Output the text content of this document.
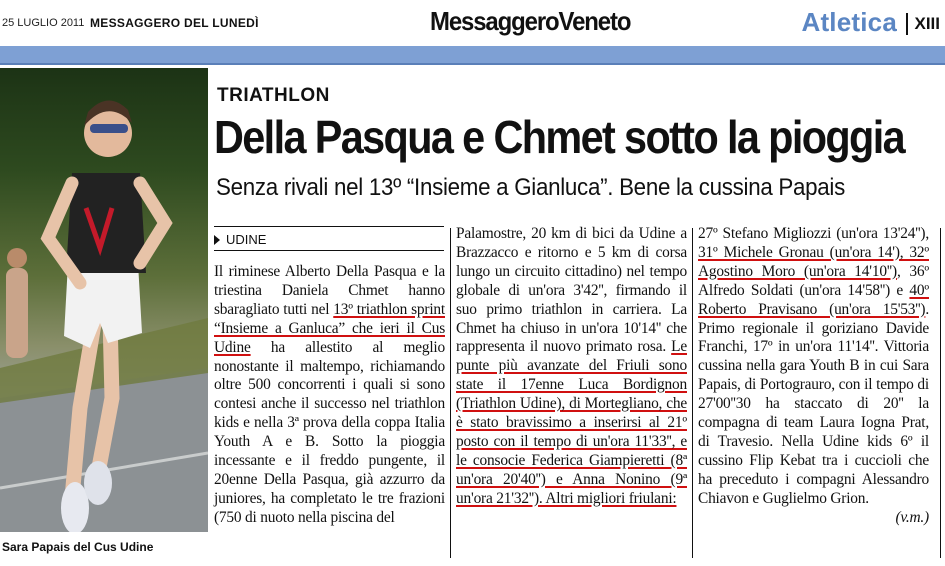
25 LUGLIO 2011 MESSAGGERO DEL LUNEDÌ	MessaggeroVeneto	Atletica	XIII
Sara Papais del Cus Udine
TRIATHLON
Della Pasqua e Chmet sotto la pioggia
Senza rivali nel 13º “Insieme a Gianluca”. Bene la cussina Papais
UDINE

Il riminese Alberto Della Pasqua e la triestina Daniela Chmet hanno sbaragliato tutti nel 13º triathlon sprint “Insieme a Ganluca” che ieri il Cus Udine ha allestito al meglio nonostante il maltempo, richiamando oltre 500 concorrenti i quali si sono contesi anche il successo nel triathlon kids e nella 3ª prova della coppa Italia Youth A e B. Sotto la pioggia incessante e il freddo pungente, il 20enne Della Pasqua, già azzurro da juniores, ha completato le tre frazioni (750 di nuoto nella piscina del

Palamostre, 20 km di bici da Udine a Brazzacco e ritorno e 5 km di corsa lungo un circuito cittadino) nel tempo globale di un'ora 3'42'', firmando il suo primo triathlon in carriera. La Chmet ha chiuso in un'ora 10'14'' che rappresenta il nuovo primato rosa. Le punte più avanzate del Friuli sono state il 17enne Luca Bordignon (Triathlon Udine), di Mortegliano, che è stato bravissimo a inserirsi al 21º posto con il tempo di un'ora 11'33'', e le consocie Federica Giampieretti (8ª un'ora 20'40'') e Anna Nonino (9ª un'ora 21'32''). Altri migliori friulani:

27º Stefano Migliozzi (un'ora 13'24''), 31º Michele Gronau (un'ora 14'), 32º Agostino Moro (un'ora 14'10''), 36º Alfredo Soldati (un'ora 14'58'') e 40º Roberto Pravisano (un'ora 15'53''). Primo regionale il goriziano Davide Franchi, 17º in un'ora 11'14''. Vittoria cussina nella gara Youth B in cui Sara Papais, di Portograuro, con il tempo di 27'00''30 ha staccato di 20'' la compagna di team Laura Iogna Prat, di Travesio. Nella Udine kids 6º il cussino Flip Kebat tra i cuccioli che ha preceduto i compagni Alessandro Chiavon e Guglielmo Grion.

(v.m.)
